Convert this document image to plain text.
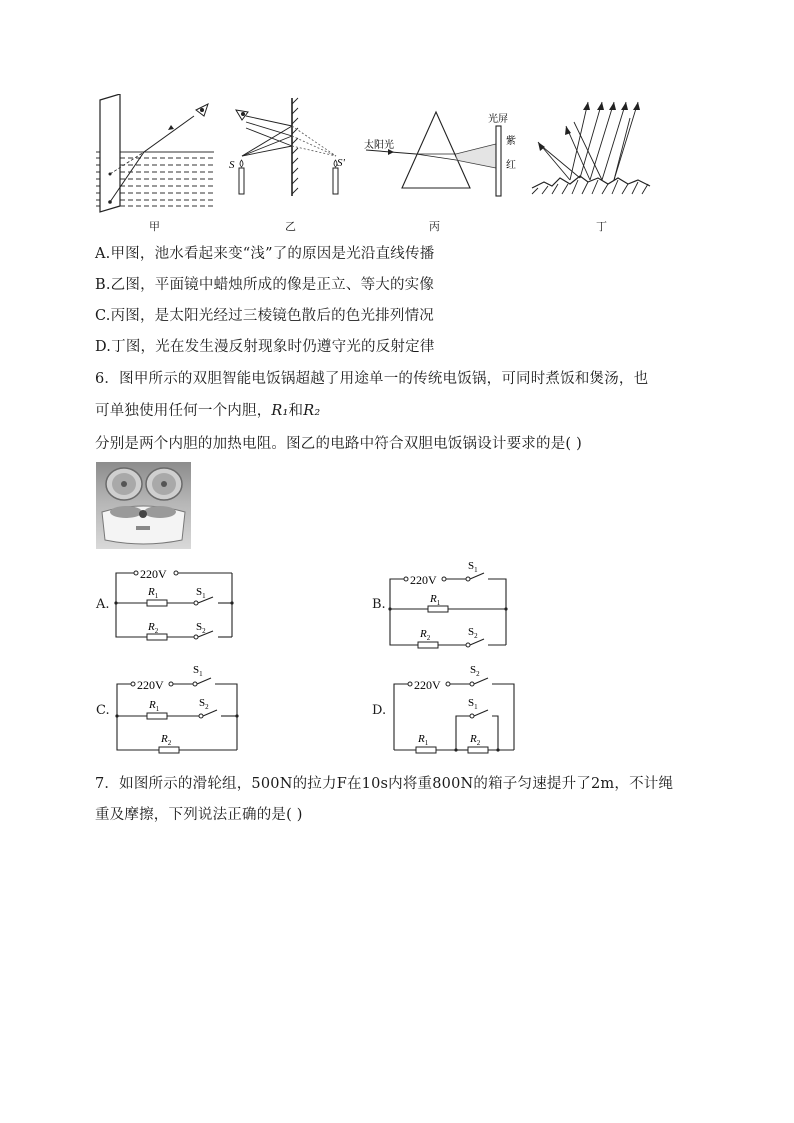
甲
S	S'
乙
太阳光
光屏
紫
红
丙	丁
A.甲图，池水看起来变“浅”了的原因是光沿直线传播
B.乙图，平面镜中蜡烛所成的像是正立、等大的实像
C.丙图，是太阳光经过三棱镜色散后的色光排列情况
D.丁图，光在发生漫反射现象时仍遵守光的反射定律
6．图甲所示的双胆智能电饭锅超越了用途单一的传统电饭锅，可同时煮饭和煲汤，也
可单独使用任何一个内胆，R₁和R₂
分别是两个内胆的加热电阻。图乙的电路中符合双胆电饭锅设计要求的是( )
A.
220V
$R_1$	$S_1$
$R_2$	$S_2$
B.
220V
$S_1$
$R_1$
$R_2$	$S_2$
C.
220V
$S_1$
$R_1$	$S_2$
$R_2$
D.
220V
$S_2$
$S_1$
$R_1$	$R_2$
7．如图所示的滑轮组，500N的拉力F在10s内将重800N的箱子匀速提升了2m，不计绳
重及摩擦，下列说法正确的是( )
